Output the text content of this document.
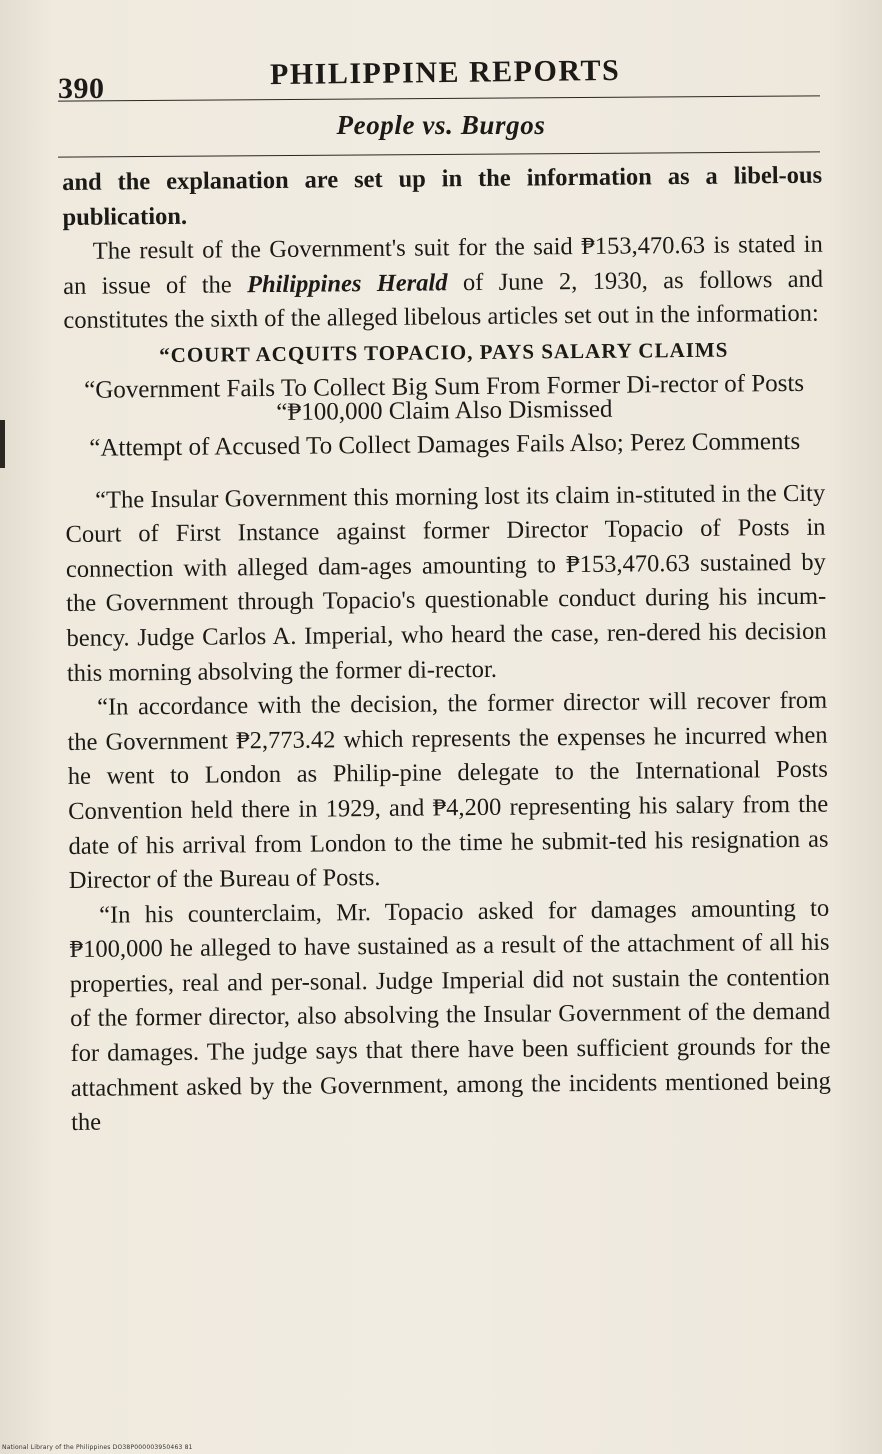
390	PHILIPPINE REPORTS
People vs. Burgos

and the explanation are set up in the information as a libel-ous publication.

The result of the Government's suit for the said ₱153,470.63 is stated in an issue of the Philippines Herald of June 2, 1930, as follows and constitutes the sixth of the alleged libelous articles set out in the information:

“COURT ACQUITS TOPACIO, PAYS SALARY CLAIMS

“Government Fails To Collect Big Sum From Former Di-rector of Posts

“₱100,000 Claim Also Dismissed

“Attempt of Accused To Collect Damages Fails Also; Perez Comments

“The Insular Government this morning lost its claim in-stituted in the City Court of First Instance against former Director Topacio of Posts in connection with alleged dam-ages amounting to ₱153,470.63 sustained by the Government through Topacio's questionable conduct during his incum-bency. Judge Carlos A. Imperial, who heard the case, ren-dered his decision this morning absolving the former di-rector.

“In accordance with the decision, the former director will recover from the Government ₱2,773.42 which represents the expenses he incurred when he went to London as Philip-pine delegate to the International Posts Convention held there in 1929, and ₱4,200 representing his salary from the date of his arrival from London to the time he submit-ted his resignation as Director of the Bureau of Posts.

“In his counterclaim, Mr. Topacio asked for damages amounting to ₱100,000 he alleged to have sustained as a result of the attachment of all his properties, real and per-sonal. Judge Imperial did not sustain the contention of the former director, also absolving the Insular Government of the demand for damages. The judge says that there have been sufficient grounds for the attachment asked by the Government, among the incidents mentioned being the

National Library of the Philippines DO38P000003950463 81
